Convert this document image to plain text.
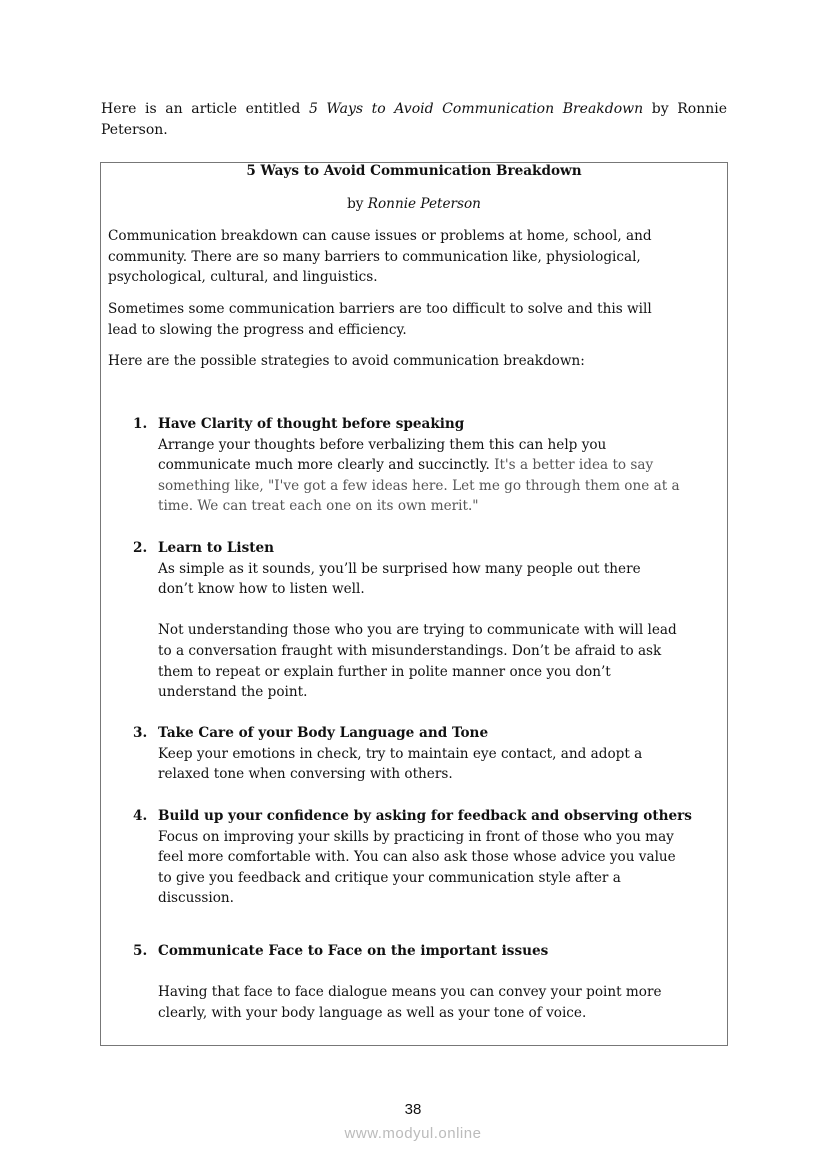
Here is an article entitled 5 Ways to Avoid Communication Breakdown by Ronnie Peterson.
5 Ways to Avoid Communication Breakdown
by Ronnie Peterson
Communication breakdown can cause issues or problems at home, school, and
community. There are so many barriers to communication like, physiological,
psychological, cultural, and linguistics.
Sometimes some communication barriers are too difficult to solve and this will
lead to slowing the progress and efficiency.
Here are the possible strategies to avoid communication breakdown:
1. Have Clarity of thought before speaking
Arrange your thoughts before verbalizing them this can help you
communicate much more clearly and succinctly. It's a better idea to say
something like, "I've got a few ideas here. Let me go through them one at a
time. We can treat each one on its own merit."
2. Learn to Listen
As simple as it sounds, you’ll be surprised how many people out there
don’t know how to listen well.

Not understanding those who you are trying to communicate with will lead
to a conversation fraught with misunderstandings. Don’t be afraid to ask
them to repeat or explain further in polite manner once you don’t
understand the point.
3. Take Care of your Body Language and Tone
Keep your emotions in check, try to maintain eye contact, and adopt a
relaxed tone when conversing with others.
4. Build up your confidence by asking for feedback and observing others
Focus on improving your skills by practicing in front of those who you may
feel more comfortable with. You can also ask those whose advice you value
to give you feedback and critique your communication style after a
discussion.
5. Communicate Face to Face on the important issues

Having that face to face dialogue means you can convey your point more
clearly, with your body language as well as your tone of voice.
38
www.modyul.online
